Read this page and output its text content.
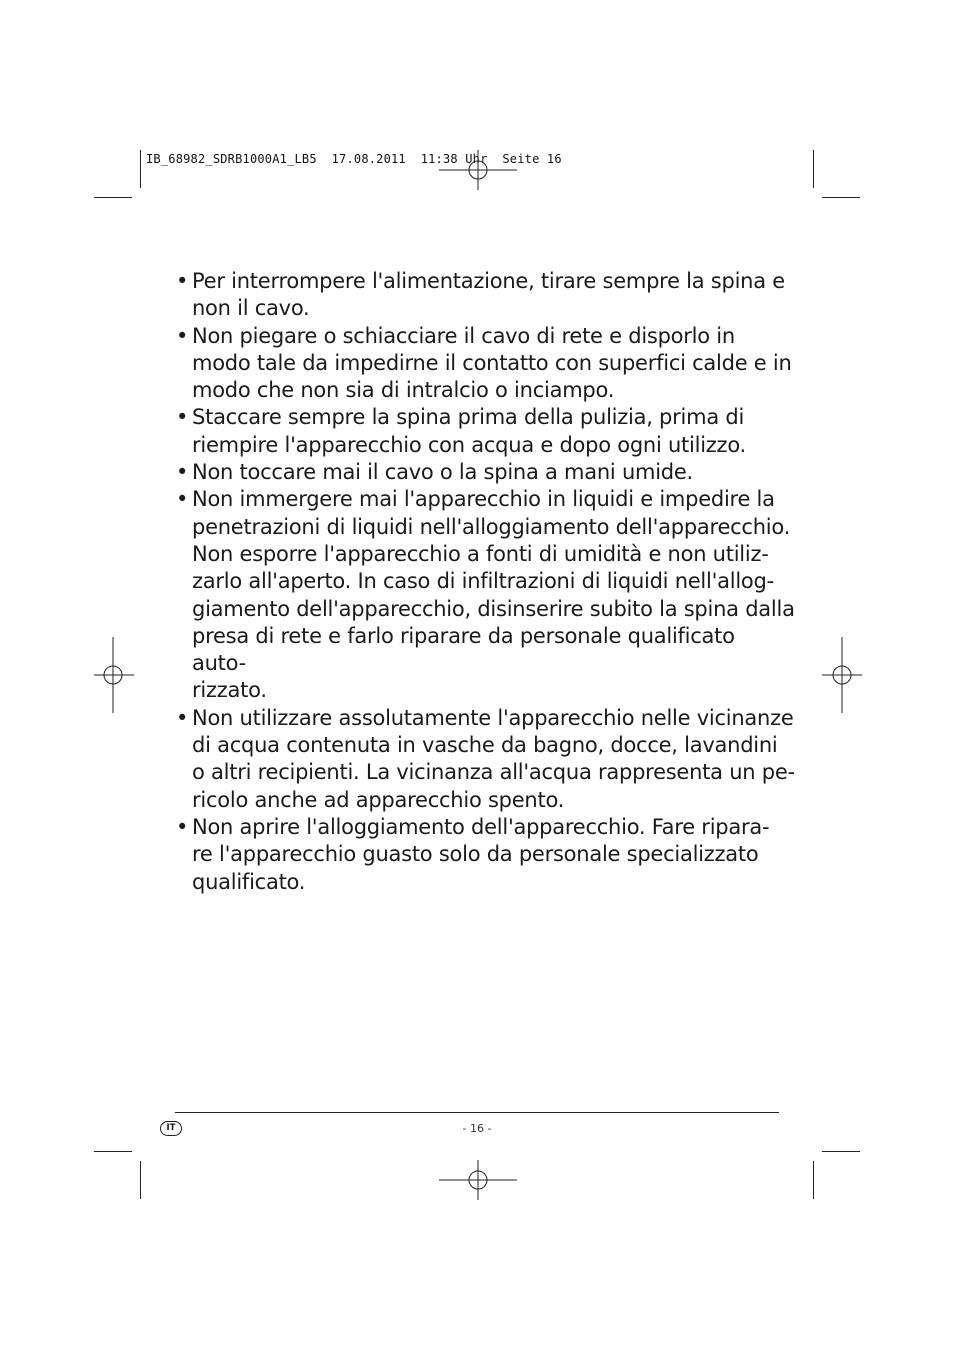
IB_68982_SDRB1000A1_LB5  17.08.2011  11:38 Uhr  Seite 16
• Per interrompere l'alimentazione, tirare sempre la spina e
non il cavo.
• Non piegare o schiacciare il cavo di rete e disporlo in
modo tale da impedirne il contatto con superfici calde e in
modo che non sia di intralcio o inciampo.
• Staccare sempre la spina prima della pulizia, prima di
riempire l'apparecchio con acqua e dopo ogni utilizzo.
• Non toccare mai il cavo o la spina a mani umide.
• Non immergere mai l'apparecchio in liquidi e impedire la
penetrazioni di liquidi nell'alloggiamento dell'apparecchio.
Non esporre l'apparecchio a fonti di umidità e non utiliz-
zarlo all'aperto. In caso di infiltrazioni di liquidi nell'allog-
giamento dell'apparecchio, disinserire subito la spina dalla
presa di rete e farlo riparare da personale qualificato auto-
rizzato.
• Non utilizzare assolutamente l'apparecchio nelle vicinanze
di acqua contenuta in vasche da bagno, docce, lavandini
o altri recipienti. La vicinanza all'acqua rappresenta un pe-
ricolo anche ad apparecchio spento.
• Non aprire l'alloggiamento dell'apparecchio. Fare ripara-
re l'apparecchio guasto solo da personale specializzato
qualificato.
IT	- 16 -
